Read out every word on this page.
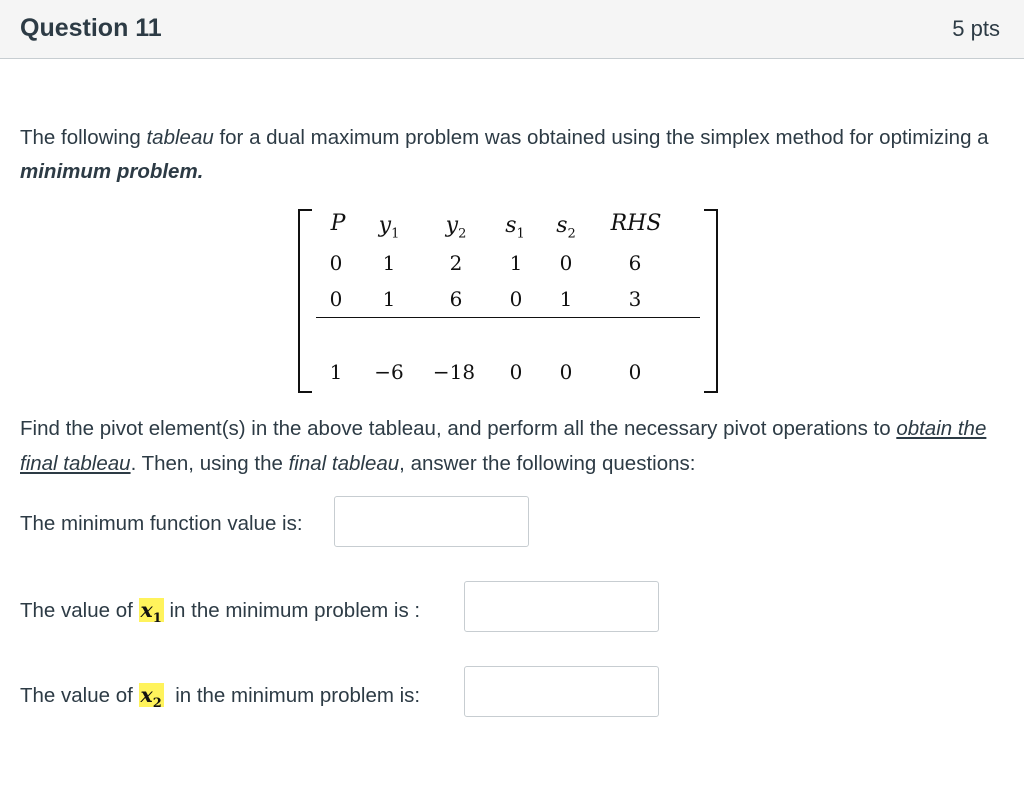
Question 11	5 pts
The following tableau for a dual maximum problem was obtained using the simplex method for optimizing a minimum problem.
P	$y_1$	$y_2$	$s_1$	$s_2$	RHS
0	1	2	1	0	6
0	1	6	0	1	3
1	−6	−18	0	0	0
Find the pivot element(s) in the above tableau, and perform all the necessary pivot operations to obtain the final tableau. Then, using the final tableau, answer the following questions:
The minimum function value is:
The value of $x_1$ in the minimum problem is :
The value of $x_2$  in the minimum problem is:
